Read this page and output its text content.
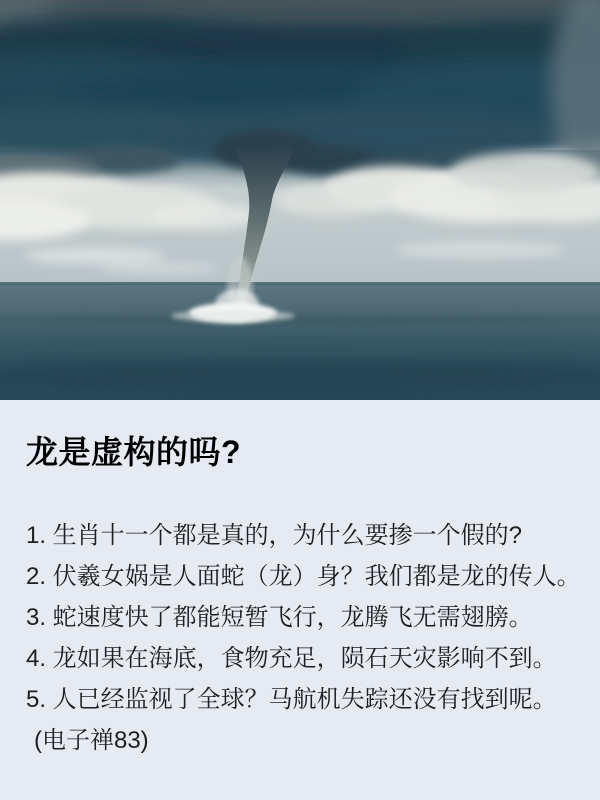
龙是虚构的吗?
1. 生肖十一个都是真的，为什么要掺一个假的?
2. 伏羲女娲是人面蛇（龙）身？我们都是龙的传人。
3. 蛇速度快了都能短暂飞行，龙腾飞无需翅膀。
4. 龙如果在海底，食物充足，陨石天灾影响不到。
5. 人已经监视了全球？马航机失踪还没有找到呢。

(电子禅83)
